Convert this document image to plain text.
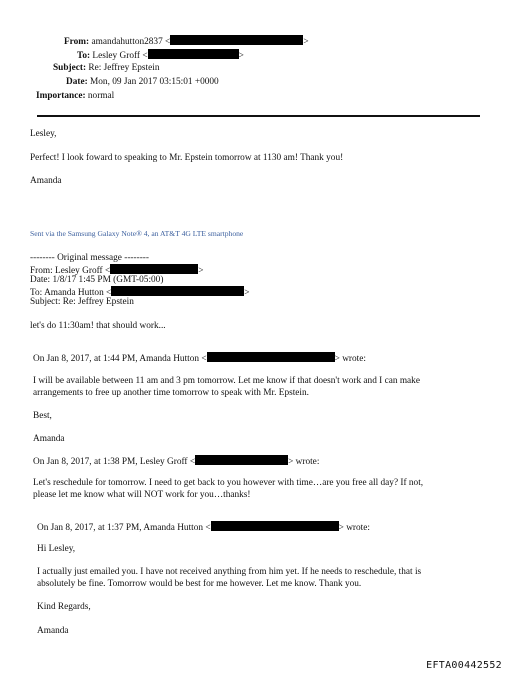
From: amandahutton2837 <	>
To: Lesley Groff <	>
Subject: Re: Jeffrey Epstein
Date: Mon, 09 Jan 2017 03:15:01 +0000
Importance: normal

Lesley,

Perfect! I look foward to speaking to Mr. Epstein tomorrow at 1130 am! Thank you!

Amanda

Sent via the Samsung Galaxy Note® 4, an AT&T 4G LTE smartphone

-------- Original message --------

From: Lesley Groff <	>

Date: 1/8/17 1:45 PM (GMT-05:00)

To: Amanda Hutton <	>

Subject: Re: Jeffrey Epstein

let's do 11:30am! that should work...

On Jan 8, 2017, at 1:44 PM, Amanda Hutton <	> wrote:

I will be available between 11 am and 3 pm tomorrow. Let me know if that doesn't work and I can make

arrangements to free up another time tomorrow to speak with Mr. Epstein.

Best,

Amanda

On Jan 8, 2017, at 1:38 PM, Lesley Groff <	> wrote:

Let's reschedule for tomorrow. I need to get back to you however with time…are you free all day? If not,

please let me know what will NOT work for you…thanks!

On Jan 8, 2017, at 1:37 PM, Amanda Hutton <	> wrote:

Hi Lesley,

I actually just emailed you. I have not received anything from him yet. If he needs to reschedule, that is

absolutely be fine. Tomorrow would be best for me however. Let me know. Thank you.

Kind Regards,

Amanda

EFTA00442552
